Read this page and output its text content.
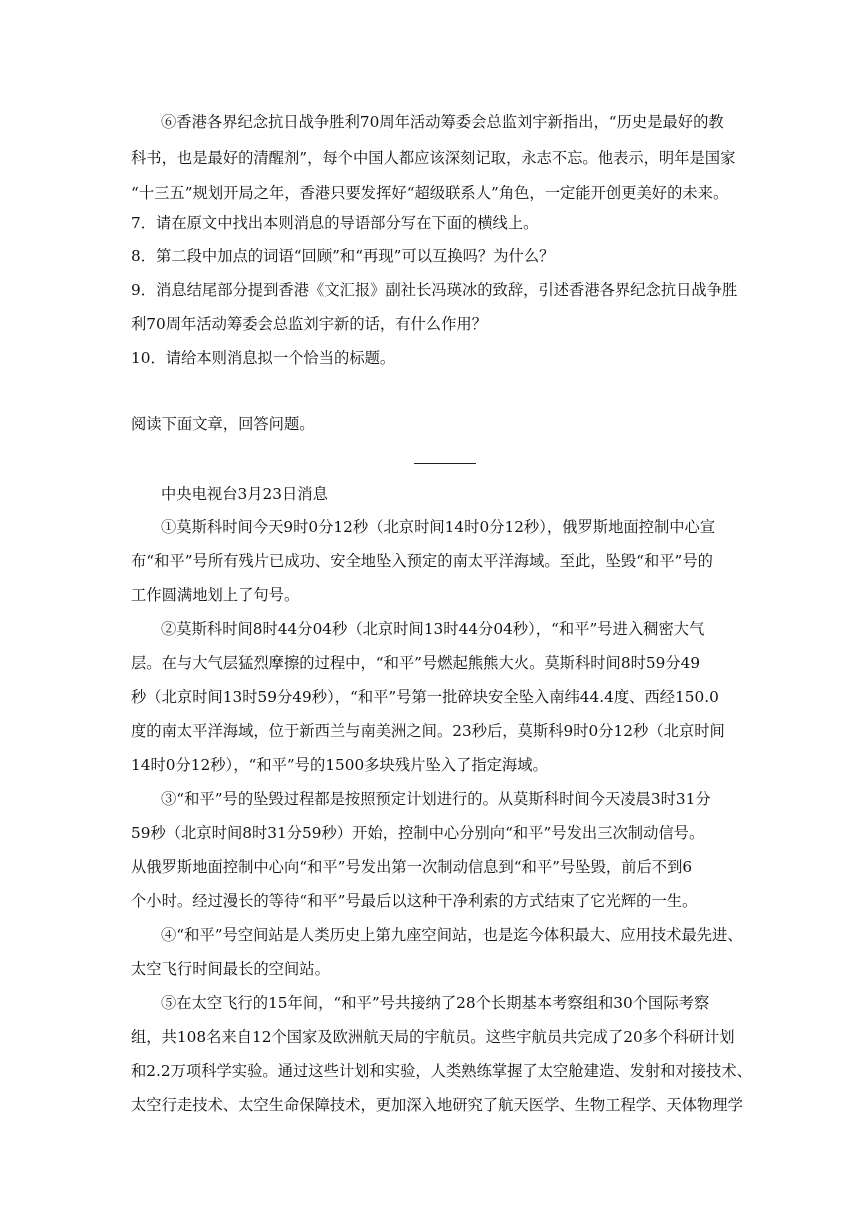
⑥香港各界纪念抗日战争胜利70周年活动筹委会总监刘宇新指出，“历史是最好的教
科书，也是最好的清醒剂”，每个中国人都应该深刻记取，永志不忘。他表示，明年是国家
“十三五”规划开局之年，香港只要发挥好“超级联系人”角色，一定能开创更美好的未来。
7．请在原文中找出本则消息的导语部分写在下面的横线上。
8．第二段中加点的词语“回顾”和“再现”可以互换吗？为什么？
9．消息结尾部分提到香港《文汇报》副社长冯瑛冰的致辞，引述香港各界纪念抗日战争胜
利70周年活动筹委会总监刘宇新的话，有什么作用？
10．请给本则消息拟一个恰当的标题。
阅读下面文章，回答问题。
中央电视台3月23日消息
①莫斯科时间今天9时0分12秒（北京时间14时0分12秒），俄罗斯地面控制中心宣
布“和平”号所有残片已成功、安全地坠入预定的南太平洋海域。至此，坠毁“和平”号的
工作圆满地划上了句号。
②莫斯科时间8时44分04秒（北京时间13时44分04秒），“和平”号进入稠密大气
层。在与大气层猛烈摩擦的过程中，“和平”号燃起熊熊大火。莫斯科时间8时59分49
秒（北京时间13时59分49秒），“和平”号第一批碎块安全坠入南纬44.4度、西经150.0
度的南太平洋海域，位于新西兰与南美洲之间。23秒后，莫斯科9时0分12秒（北京时间
14时0分12秒），“和平”号的1500多块残片坠入了指定海域。
③“和平”号的坠毁过程都是按照预定计划进行的。从莫斯科时间今天凌晨3时31分
59秒（北京时间8时31分59秒）开始，控制中心分别向“和平”号发出三次制动信号。
从俄罗斯地面控制中心向“和平”号发出第一次制动信息到“和平”号坠毁，前后不到6
个小时。经过漫长的等待“和平”号最后以这种干净利索的方式结束了它光辉的一生。
④“和平”号空间站是人类历史上第九座空间站，也是迄今体积最大、应用技术最先进、
太空飞行时间最长的空间站。
⑤在太空飞行的15年间，“和平”号共接纳了28个长期基本考察组和30个国际考察
组，共108名来自12个国家及欧洲航天局的宇航员。这些宇航员共完成了20多个科研计划
和2.2万项科学实验。通过这些计划和实验，人类熟练掌握了太空舱建造、发射和对接技术、
太空行走技术、太空生命保障技术，更加深入地研究了航天医学、生物工程学、天体物理学
